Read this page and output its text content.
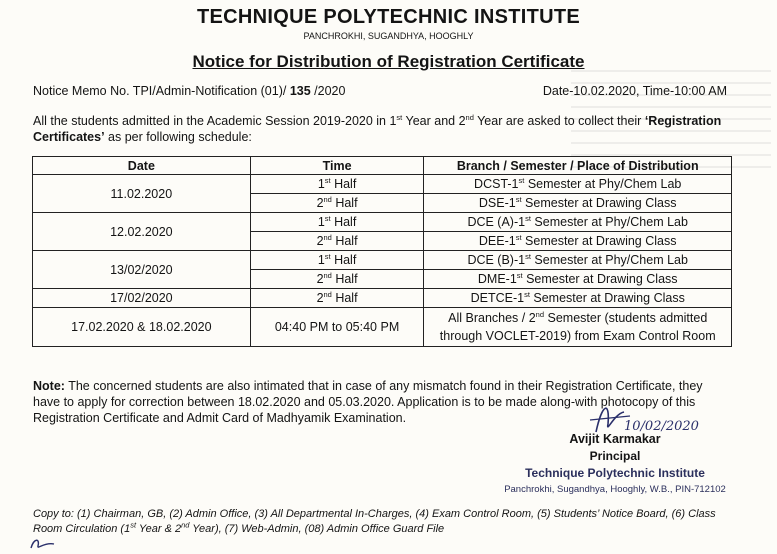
TECHNIQUE POLYTECHNIC INSTITUTE
PANCHROKHI, SUGANDHYA, HOOGHLY
Notice for Distribution of Registration Certificate
Notice Memo No. TPI/Admin-Notification (01)/ 135 /2020	Date-10.02.2020, Time-10:00 AM
All the students admitted in the Academic Session 2019-2020 in 1st Year and 2nd Year are asked to collect their ‘Registration Certificates’ as per following schedule:
Date	Time	Branch / Semester / Place of Distribution
11.02.2020	1st Half	DCST-1st Semester at Phy/Chem Lab
	2nd Half	DSE-1st Semester at Drawing Class
12.02.2020	1st Half	DCE (A)-1st Semester at Phy/Chem Lab
	2nd Half	DEE-1st Semester at Drawing Class
13/02/2020	1st Half	DCE (B)-1st Semester at Phy/Chem Lab
	2nd Half	DME-1st Semester at Drawing Class
17/02/2020	2nd Half	DETCE-1st Semester at Drawing Class
17.02.2020 & 18.02.2020	04:40 PM to 05:40 PM	All Branches / 2nd Semester (students admitted
through VOCLET-2019) from Exam Control Room
Note: The concerned students are also intimated that in case of any mismatch found in their Registration Certificate, they have to apply for correction between 18.02.2020 and 05.03.2020. Application is to be made along-with photocopy of this Registration Certificate and Admit Card of Madhyamik Examination.
10/02/2020
Avijit Karmakar
Principal
Technique Polytechnic Institute
Panchrokhi, Sugandhya, Hooghly, W.B., PIN-712102
Copy to: (1) Chairman, GB, (2) Admin Office, (3) All Departmental In-Charges, (4) Exam Control Room, (5) Students’ Notice Board, (6) Class Room Circulation (1st Year & 2nd Year), (7) Web-Admin, (08) Admin Office Guard File
